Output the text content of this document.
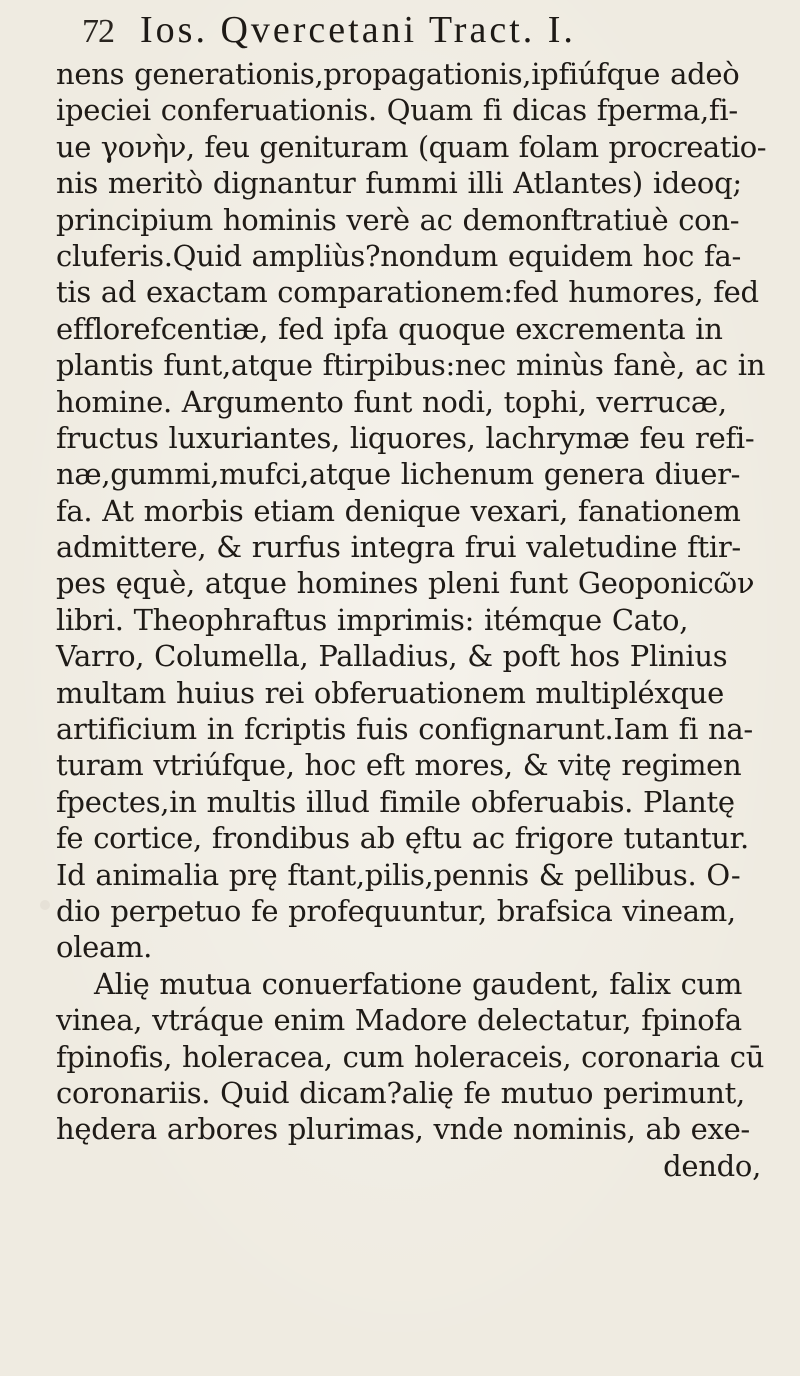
72 Ios. Qvercetani Tract. I.
nens generationis,propagationis,ipfiúfque adeò
ipeciei conferuationis. Quam fi dicas fperma,fi-
ue γονὴν, feu genituram (quam folam procreatio-
nis meritò dignantur fummi illi Atlantes) ideoq;
principium hominis verè ac demonftratiuè con-
cluferis.Quid ampliùs?nondum equidem hoc fa-
tis ad exactam comparationem:fed humores, fed
efflorefcentiæ, fed ipfa quoque excrementa in
plantis funt,atque ftirpibus:nec minùs fanè, ac in
homine. Argumento funt nodi, tophi, verrucæ,
fructus luxuriantes, liquores, lachrymæ feu refi-
næ,gummi,mufci,atque lichenum genera diuer-
fa. At morbis etiam denique vexari, fanationem
admittere, & rurfus integra frui valetudine ftir-
pes ęquè, atque homines pleni funt Geoponicῶν
libri. Theophraftus imprimis: itémque Cato,
Varro, Columella, Palladius, & poft hos Plinius
multam huius rei obferuationem multipléxque
artificium in fcriptis fuis confignarunt.Iam fi na-
turam vtriúfque, hoc eft mores, & vitę regimen
fpectes,in multis illud fimile obferuabis. Plantę
fe cortice, frondibus ab ęftu ac frigore tutantur.
Id animalia prę ftant,pilis,pennis & pellibus. O-
dio perpetuo fe profequuntur, brafsica vineam,
oleam.
Alię mutua conuerfatione gaudent, falix cum
vinea, vtráque enim Madore delectatur, fpinofa
fpinofis, holeracea, cum holeraceis, coronaria cū
coronariis. Quid dicam?alię fe mutuo perimunt,
hędera arbores plurimas, vnde nominis, ab exe-
dendo,
